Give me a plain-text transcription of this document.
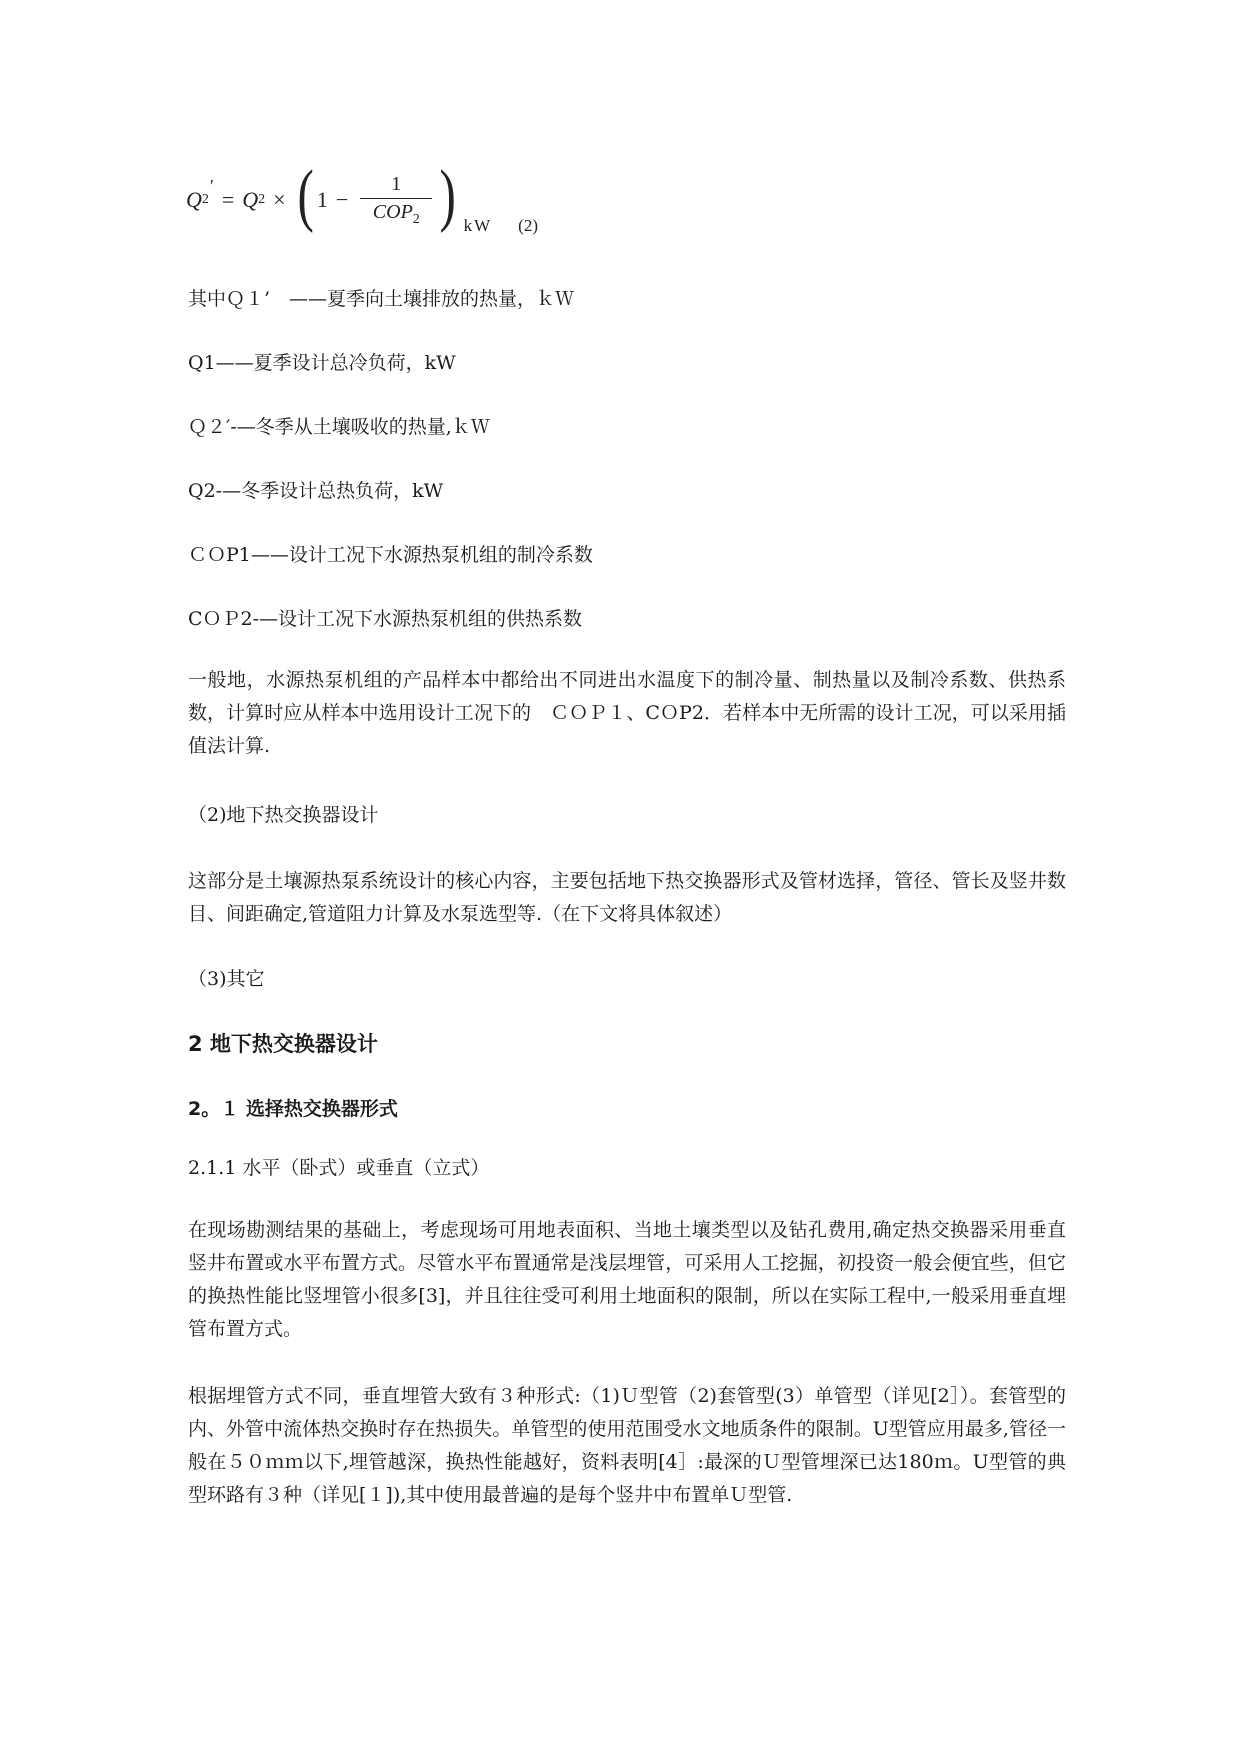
Q 2
′
= Q 2 × ( $1 - \frac{1}{COP_2}$ ) kW (2)
其中Ｑ１’　——夏季向土壤排放的热量，ｋＷ
Q1——夏季设计总冷负荷，kW
Ｑ２′-—冬季从土壤吸收的热量,ｋＷ
Q2-—冬季设计总热负荷，kW
ＣＯP1——设计工况下水源热泵机组的制冷系数
CＯＰ2-—设计工况下水源热泵机组的供热系数
一般地，水源热泵机组的产品样本中都给出不同进出水温度下的制冷量、制热量以及制冷系数、供热系数，计算时应从样本中选用设计工况下的　ＣＯＰ１、CＯP2．若样本中无所需的设计工况，可以采用插值法计算.
（2)地下热交换器设计
这部分是土壤源热泵系统设计的核心内容，主要包括地下热交换器形式及管材选择，管径、管长及竖井数目、间距确定,管道阻力计算及水泵选型等.（在下文将具体叙述）
（3)其它
2 地下热交换器设计
2。１ 选择热交换器形式
2.1.1 水平（卧式）或垂直（立式）
在现场勘测结果的基础上，考虑现场可用地表面积、当地土壤类型以及钻孔费用,确定热交换器采用垂直竖井布置或水平布置方式。尽管水平布置通常是浅层埋管，可采用人工挖掘，初投资一般会便宜些，但它的换热性能比竖埋管小很多[3]，并且往往受可利用土地面积的限制，所以在实际工程中,一般采用垂直埋管布置方式。
根据埋管方式不同，垂直埋管大致有３种形式:（1)Ｕ型管（2)套管型(3）单管型（详见[2］）。套管型的内、外管中流体热交换时存在热损失。单管型的使用范围受水文地质条件的限制。U型管应用最多,管径一般在５０ｍｍ以下,埋管越深，换热性能越好，资料表明[4］:最深的Ｕ型管埋深已达180ｍ。U型管的典型环路有３种（详见[１]),其中使用最普遍的是每个竖井中布置单Ｕ型管.
